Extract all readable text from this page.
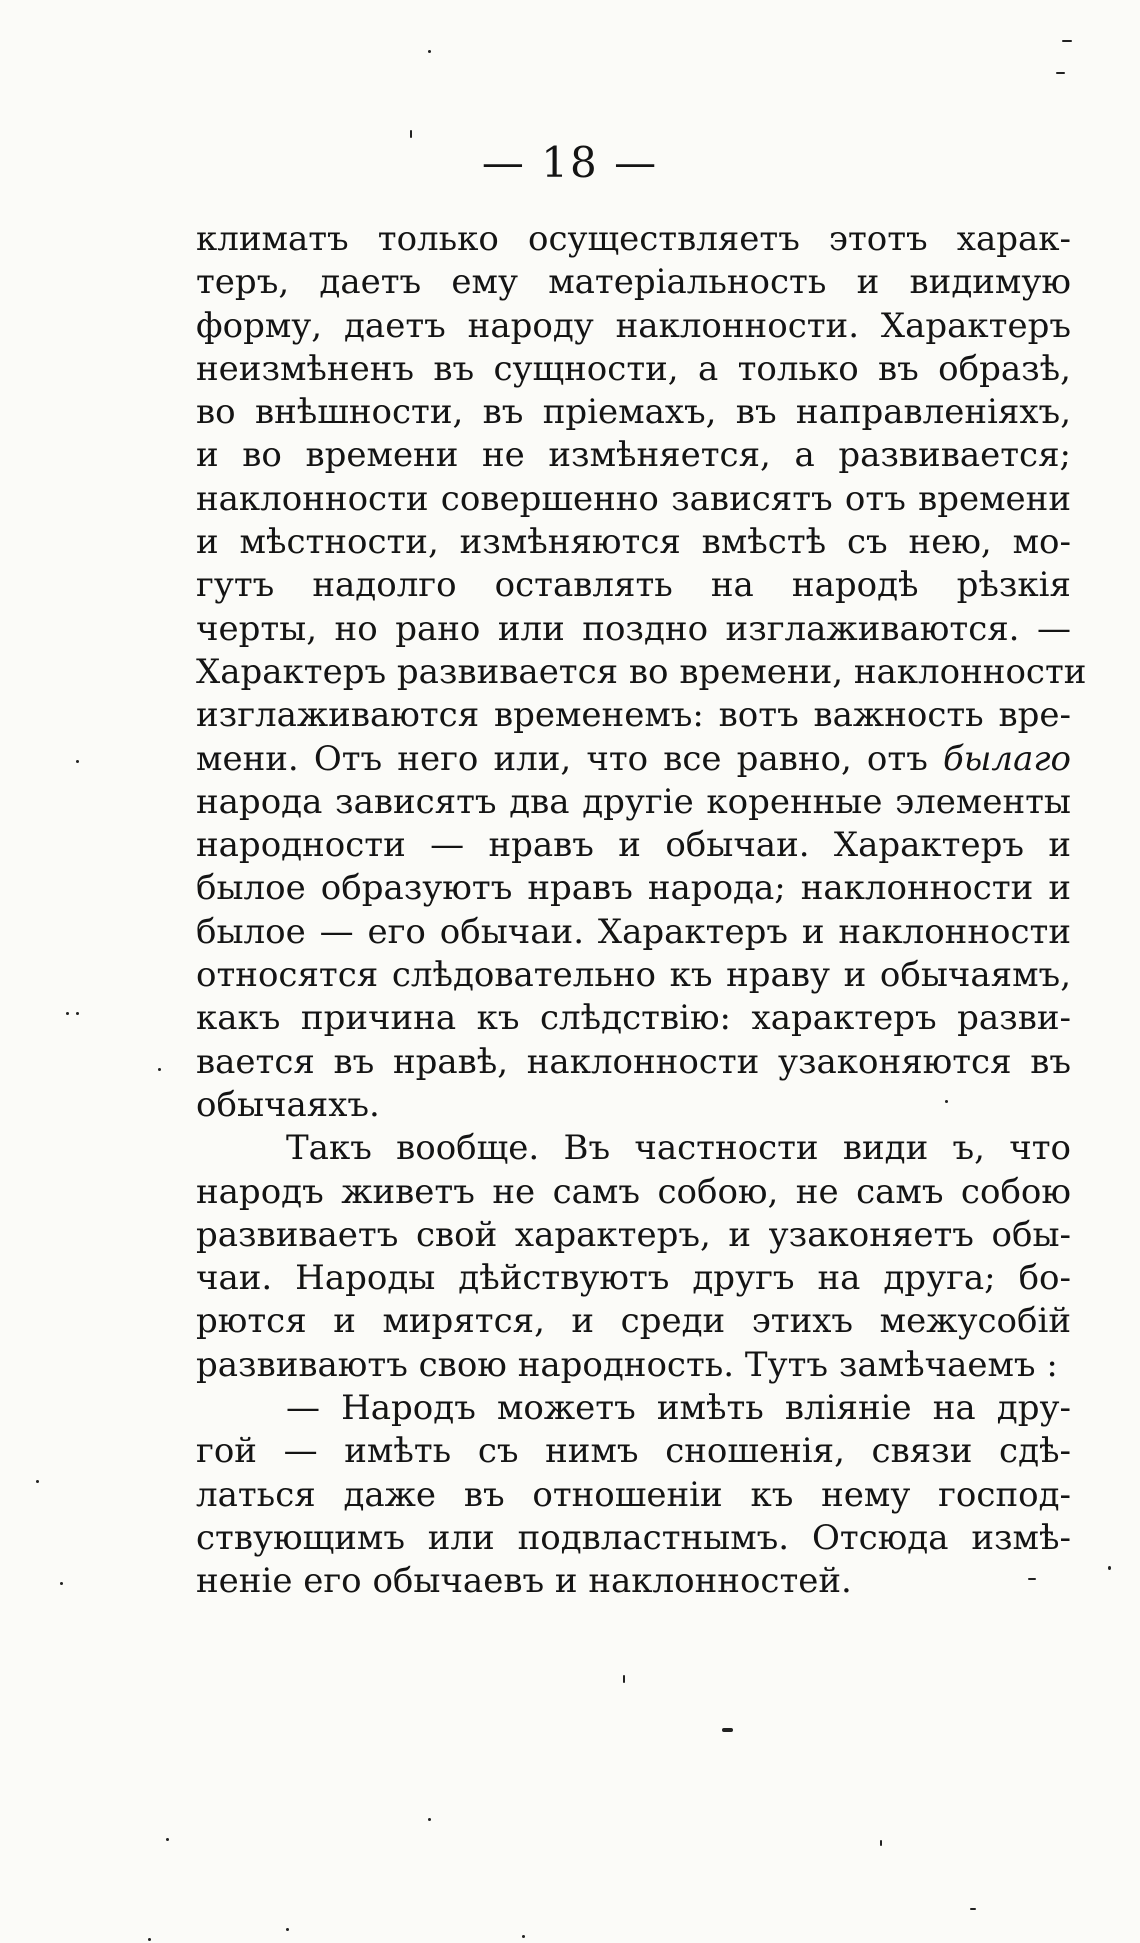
— 18 —
климатъ только осуществляетъ этотъ харак-
теръ, даетъ ему матеріальность и видимую
форму, даетъ народу наклонности. Характеръ
неизмѣненъ въ сущности, а только въ образѣ,
во внѣшности, въ пріемахъ, въ направленіяхъ,
и во времени не измѣняется, а развивается;
наклонности совершенно зависятъ отъ времени
и мѣстности, измѣняются вмѣстѣ съ нею, мо-
гутъ надолго оставлять на народѣ рѣзкія
черты, но рано или поздно изглаживаются. —
Характеръ развивается во времени, наклонности
изглаживаются временемъ: вотъ важность вре-
мени. Отъ него или, что все равно, отъ былаго
народа зависятъ два другіе коренные элементы
народности — нравъ и обычаи. Характеръ и
былое образуютъ нравъ народа; наклонности и
былое — его обычаи. Характеръ и наклонности
относятся слѣдовательно къ нраву и обычаямъ,
какъ причина къ слѣдствію: характеръ разви-
вается въ нравѣ, наклонности узаконяются въ
обычаяхъ.
Такъ вообще. Въ частности види ъ, что
народъ живетъ не самъ собою, не самъ собою
развиваетъ свой характеръ, и узаконяетъ обы-
чаи. Народы дѣйствуютъ другъ на друга; бо-
рются и мирятся, и среди этихъ межусобій
развиваютъ свою народность. Тутъ замѣчаемъ :
— Народъ можетъ имѣть вліяніе на дру-
гой — имѣть съ нимъ сношенія, связи сдѣ-
латься даже въ отношеніи къ нему господ-
ствующимъ или подвластнымъ. Отсюда измѣ-
неніе его обычаевъ и наклонностей.
